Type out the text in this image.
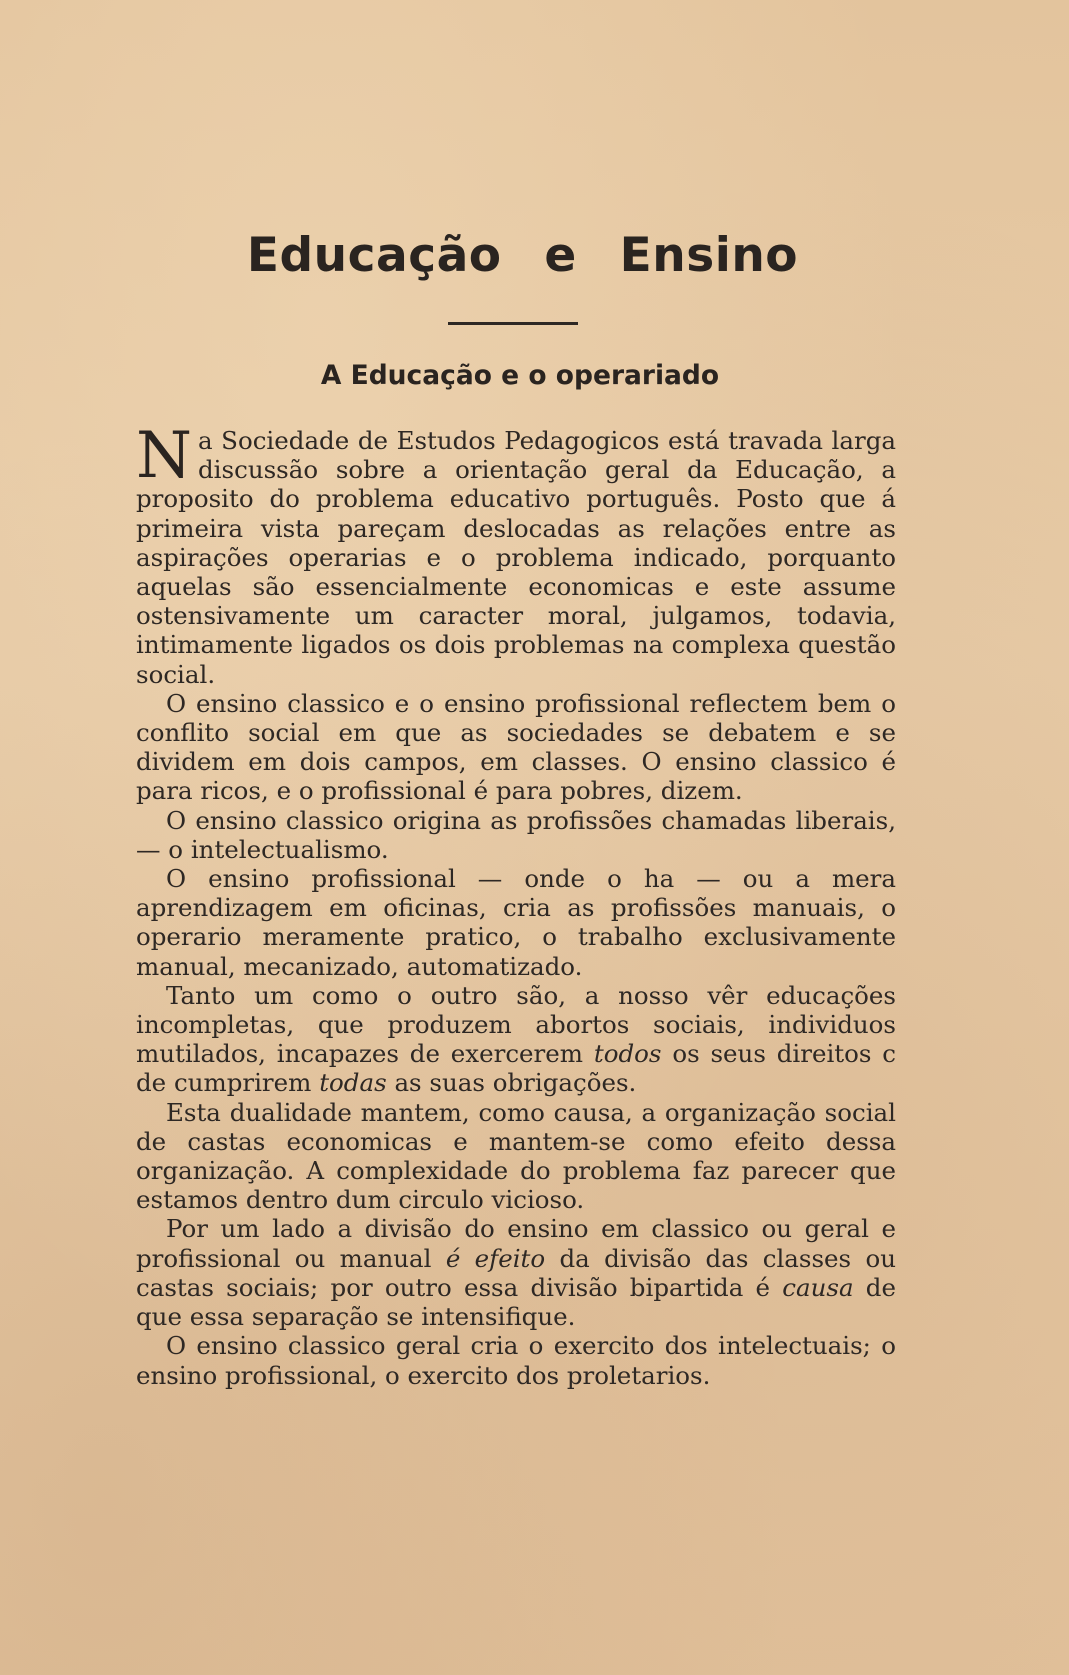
Educação e Ensino
A Educação e o operariado

Na Sociedade de Estudos Pedagogicos está travada larga discussão sobre a orientação geral da Educação, a proposito do problema educativo português. Posto que á primeira vista pareçam deslocadas as relações entre as aspirações operarias e o problema indicado, porquanto aquelas são essencialmente economicas e este assume ostensivamente um caracter moral, julgamos, todavia, intimamente ligados os dois problemas na complexa questão social.

O ensino classico e o ensino profissional reflectem bem o conflito social em que as sociedades se debatem e se dividem em dois campos, em classes. O ensino classico é para ricos, e o profissional é para pobres, dizem.

O ensino classico origina as profissões chamadas liberais, — o intelectualismo.

O ensino profissional — onde o ha — ou a mera aprendizagem em oficinas, cria as profissões manuais, o operario meramente pratico, o trabalho exclusivamente manual, mecanizado, automatizado.

Tanto um como o outro são, a nosso vêr educações incompletas, que produzem abortos sociais, individuos mutilados, incapazes de exercerem todos os seus direitos c de cumprirem todas as suas obrigações.

Esta dualidade mantem, como causa, a organização social de castas economicas e mantem-se como efeito dessa organização. A complexidade do problema faz parecer que estamos dentro dum circulo vicioso.

Por um lado a divisão do ensino em classico ou geral e profissional ou manual é efeito da divisão das classes ou castas sociais; por outro essa divisão bipartida é causa de que essa separação se intensifique.

O ensino classico geral cria o exercito dos intelectuais; o ensino profissional, o exercito dos proletarios.
